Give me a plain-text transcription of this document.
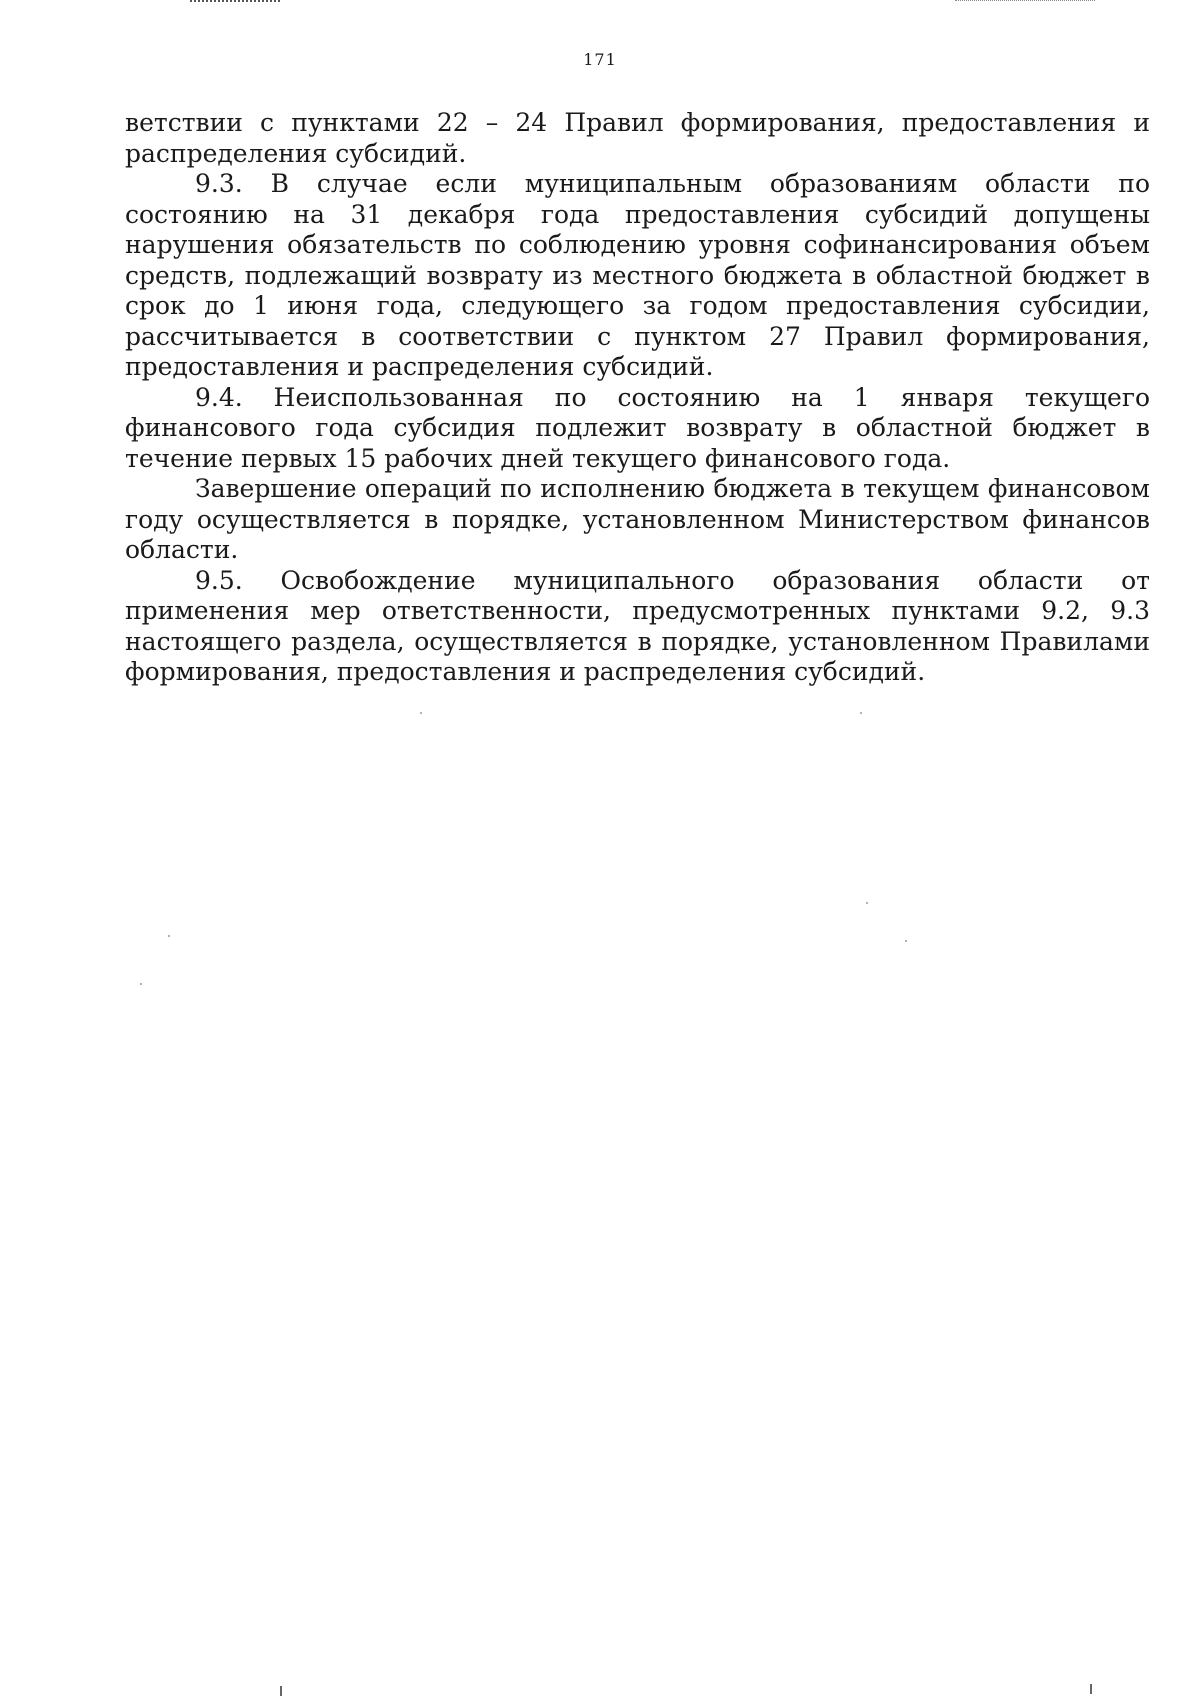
171

ветствии с пунктами 22 – 24 Правил формирования, предоставления и распределения субсидий.

9.3. В случае если муниципальным образованиям области по состоянию на 31 декабря года предоставления субсидий допущены нарушения обязательств по соблюдению уровня софинансирования объем средств, подлежащий возврату из местного бюджета в областной бюджет в срок до 1 июня года, следующего за годом предоставления субсидии, рассчитывается в соответствии с пунктом 27 Правил формирования, предоставления и распределения субсидий.

9.4. Неиспользованная по состоянию на 1 января текущего финансового года субсидия подлежит возврату в областной бюджет в течение первых 15 рабочих дней текущего финансового года.

Завершение операций по исполнению бюджета в текущем финансовом году осуществляется в порядке, установленном Министерством финансов области.

9.5. Освобождение муниципального образования области от применения мер ответственности, предусмотренных пунктами 9.2, 9.3 настоящего раздела, осуществляется в порядке, установленном Правилами формирования, предоставления и распределения субсидий.
